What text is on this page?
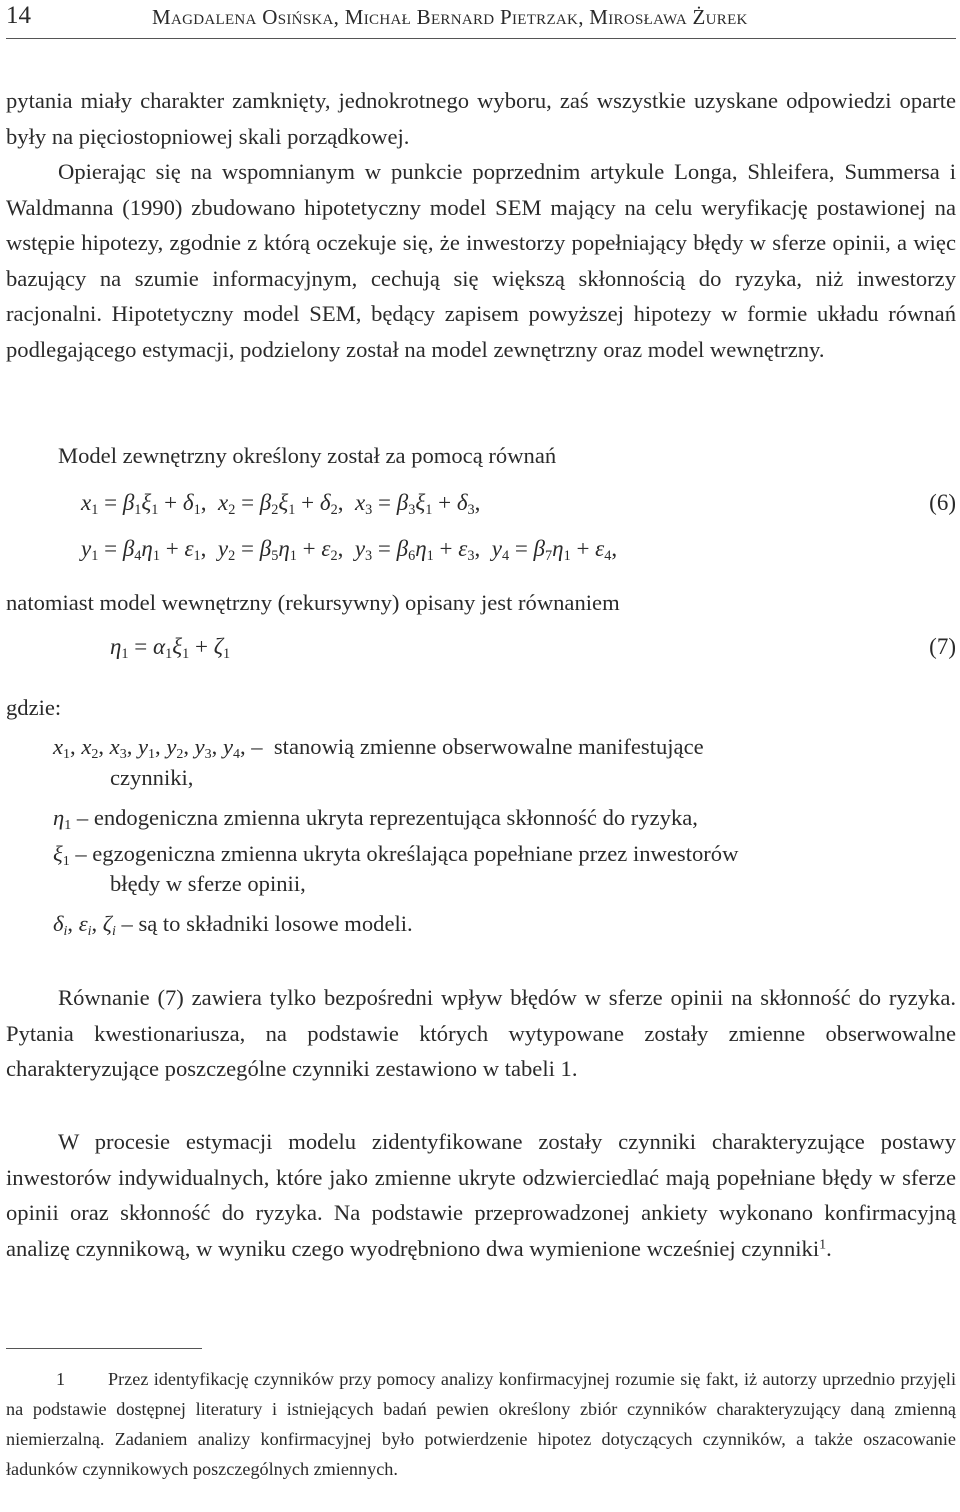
14	Magdalena Osińska, Michał Bernard Pietrzak, Mirosława Żurek

pytania miały charakter zamknięty, jednokrotnego wyboru, zaś wszystkie uzyskane odpowiedzi oparte były na pięciostopniowej skali porządkowej.

Opierając się na wspomnianym w punkcie poprzednim artykule Longa, Shleifera, Summersa i Waldmanna (1990) zbudowano hipotetyczny model SEM mający na celu weryfikację postawionej na wstępie hipotezy, zgodnie z którą oczekuje się, że inwestorzy popełniający błędy w sferze opinii, a więc bazujący na szumie informacyjnym, cechują się większą skłonnością do ryzyka, niż inwestorzy racjonalni. Hipotetyczny model SEM, będący zapisem powyższej hipotezy w formie układu równań podlegającego estymacji, podzielony został na model zewnętrzny oraz model wewnętrzny.

Model zewnętrzny określony został za pomocą równań

$x_1 = \beta_1\xi_1 + \delta_1$,  $x_2 = \beta_2\xi_1 + \delta_2$,  $x_3 = \beta_3\xi_1 + \delta_3$,	(6)
$y_1 = \beta_4\eta_1 + \varepsilon_1$,  $y_2 = \beta_5\eta_1 + \varepsilon_2$,  $y_3 = \beta_6\eta_1 + \varepsilon_3$,  $y_4 = \beta_7\eta_1 + \varepsilon_4$,

natomiast model wewnętrzny (rekursywny) opisany jest równaniem

$\eta_1 = \alpha_1\xi_1 + \zeta_1$	(7)

gdzie:

$x_1$, $x_2$, $x_3$, $y_1$, $y_2$, $y_3$, $y_4$, –  stanowią zmienne obserwowalne manifestujące
czynniki,
$\eta_1$ – endogeniczna zmienna ukryta reprezentująca skłonność do ryzyka,
$\xi_1$ – egzogeniczna zmienna ukryta określająca popełniane przez inwestorów
błędy w sferze opinii,
$\delta_i$, $\varepsilon_i$, $\zeta_i$ – są to składniki losowe modeli.

Równanie (7) zawiera tylko bezpośredni wpływ błędów w sferze opinii na skłonność do ryzyka. Pytania kwestionariusza, na podstawie których wytypowane zostały zmienne obserwowalne charakteryzujące poszczególne czynniki zestawiono w tabeli 1.

W procesie estymacji modelu zidentyfikowane zostały czynniki charakteryzujące postawy inwestorów indywidualnych, które jako zmienne ukryte odzwierciedlać mają popełniane błędy w sferze opinii oraz skłonność do ryzyka. Na podstawie przeprowadzonej ankiety wykonano konfirmacyjną analizę czynnikową, w wyniku czego wyodrębniono dwa wymienione wcześniej czynniki$^1$.

1 Przez identyfikację czynników przy pomocy analizy konfirmacyjnej rozumie się fakt, iż autorzy uprzednio przyjęli na podstawie dostępnej literatury i istniejących badań pewien określony zbiór czynników charakteryzujący daną zmienną niemierzalną. Zadaniem analizy konfirmacyjnej było potwierdzenie hipotez dotyczących czynników, a także oszacowanie ładunków czynnikowych poszczególnych zmiennych.
